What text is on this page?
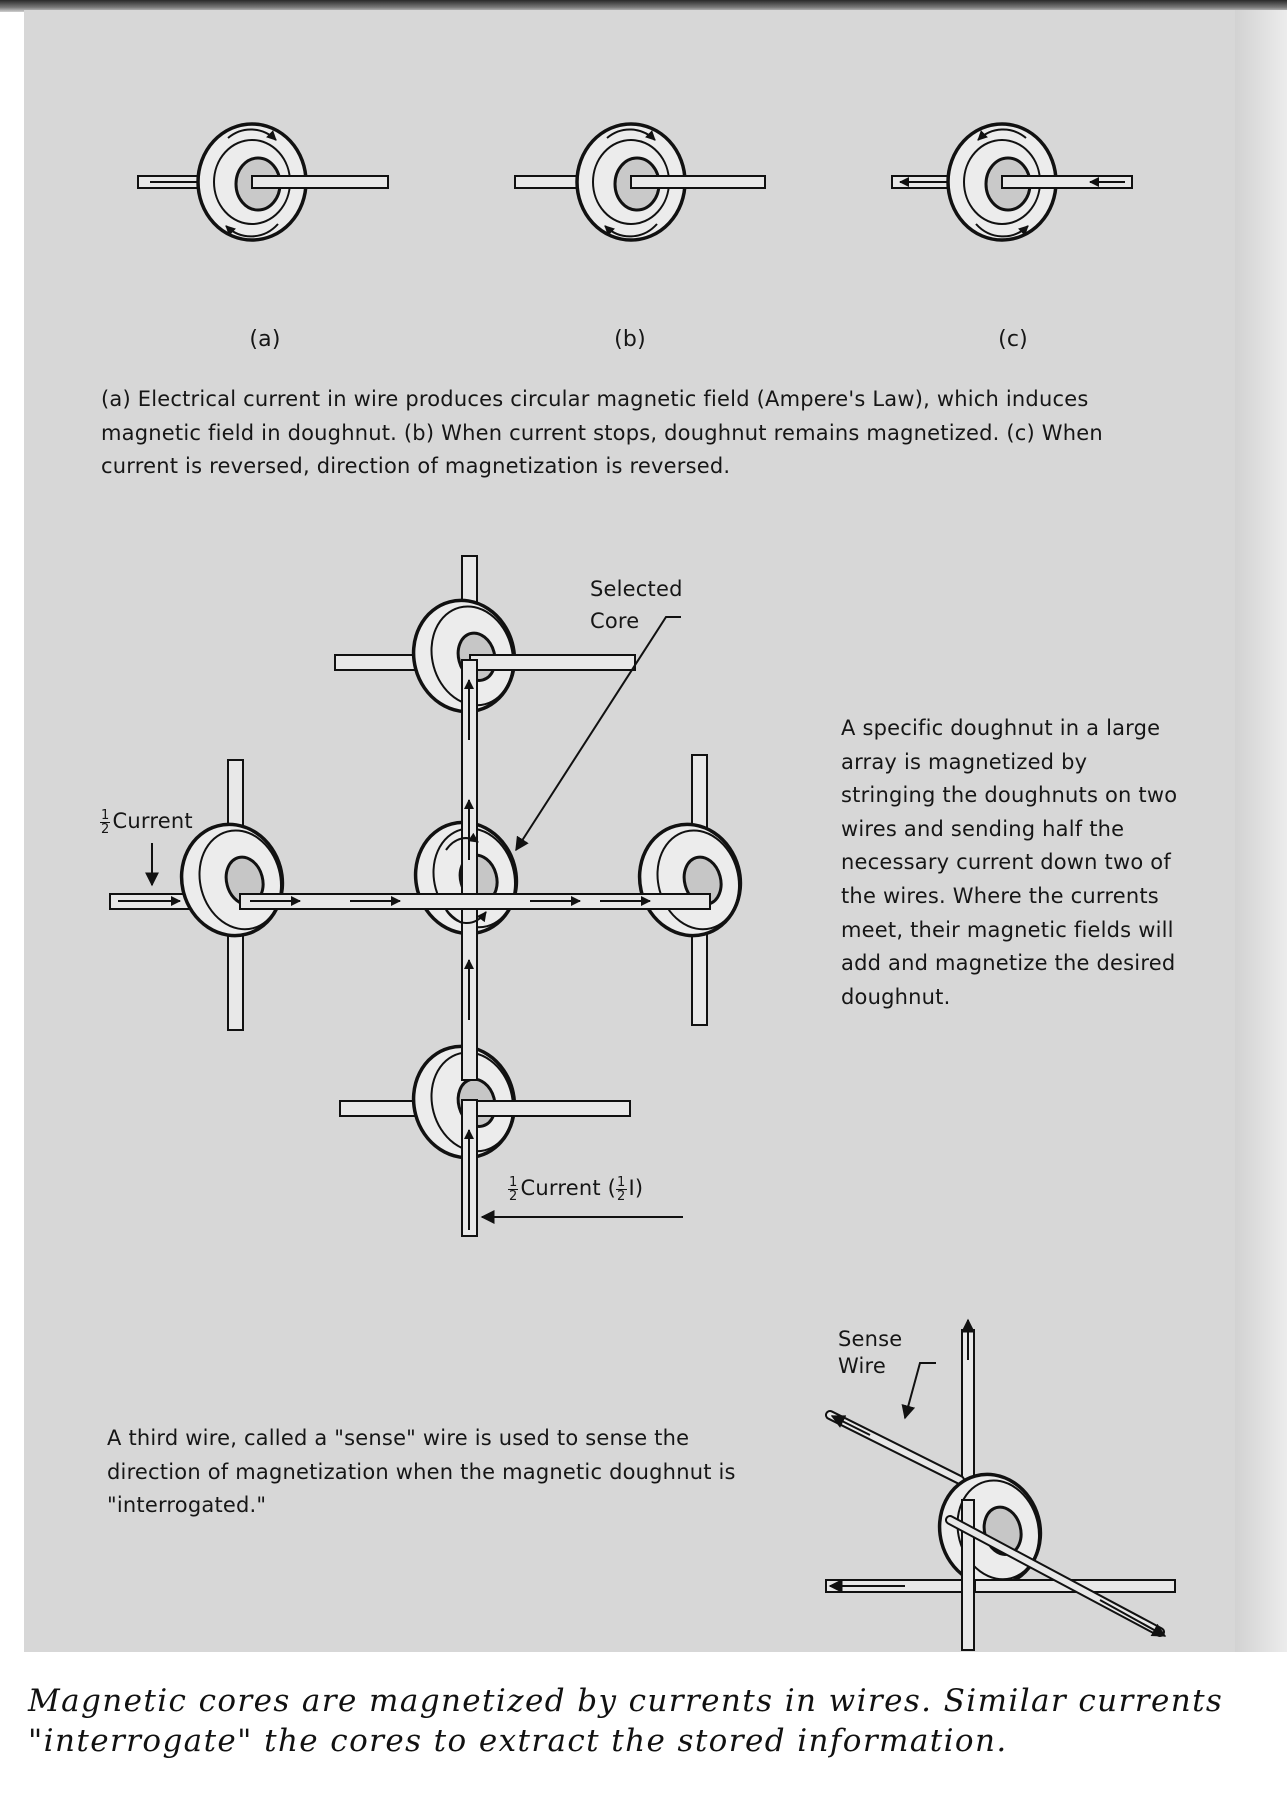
(a)	(b)	(c)
(a) Electrical current in wire produces circular magnetic field (Ampere's Law), which induces magnetic field in doughnut. (b) When current stops, doughnut remains magnetized. (c) When current is reversed, direction of magnetization is reversed.
Selected
Core
$\frac{1}{2}$ Current
$\frac{1}{2}$ Current ( $\frac{1}{2} I$)
A specific doughnut in a large array is magnetized by stringing the doughnuts on two wires and sending half the necessary current down two of the wires. Where the currents meet, their magnetic fields will add and magnetize the desired doughnut.
Sense
Wire
A third wire, called a "sense" wire is used to sense the direction of magnetization when the magnetic doughnut is "interrogated."
Magnetic cores are magnetized by currents in wires. Similar currents "interrogate" the cores to extract the stored information.
